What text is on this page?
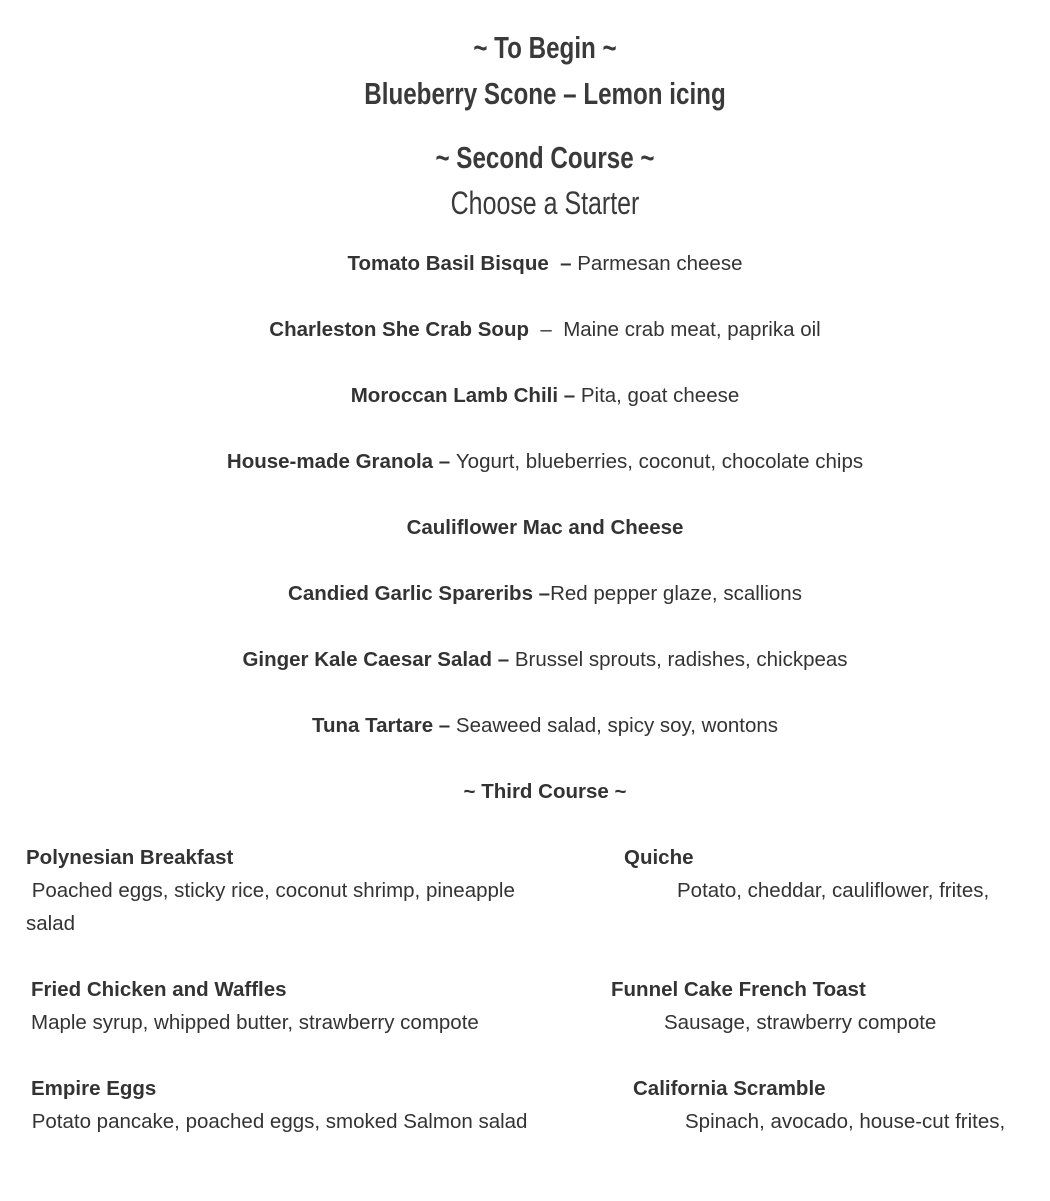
~ To Begin ~
Blueberry Scone – Lemon icing
~ Second Course ~
Choose a Starter
Tomato Basil Bisque  – Parmesan cheese
Charleston She Crab Soup  –  Maine crab meat, paprika oil
Moroccan Lamb Chili – Pita, goat cheese
House-made Granola – Yogurt, blueberries, coconut, chocolate chips
Cauliflower Mac and Cheese
Candied Garlic Spareribs –Red pepper glaze, scallions
Ginger Kale Caesar Salad – Brussel sprouts, radishes, chickpeas
Tuna Tartare – Seaweed salad, spicy soy, wontons
~ Third Course ~
Polynesian Breakfast
Poached eggs, sticky rice, coconut shrimp, pineapple salad
Quiche
Potato, cheddar, cauliflower, frites,
Fried Chicken and Waffles
Maple syrup, whipped butter, strawberry compote
Funnel Cake French Toast
Sausage, strawberry compote
Empire Eggs
Potato pancake, poached eggs, smoked Salmon salad
California Scramble
Spinach, avocado, house-cut frites,
